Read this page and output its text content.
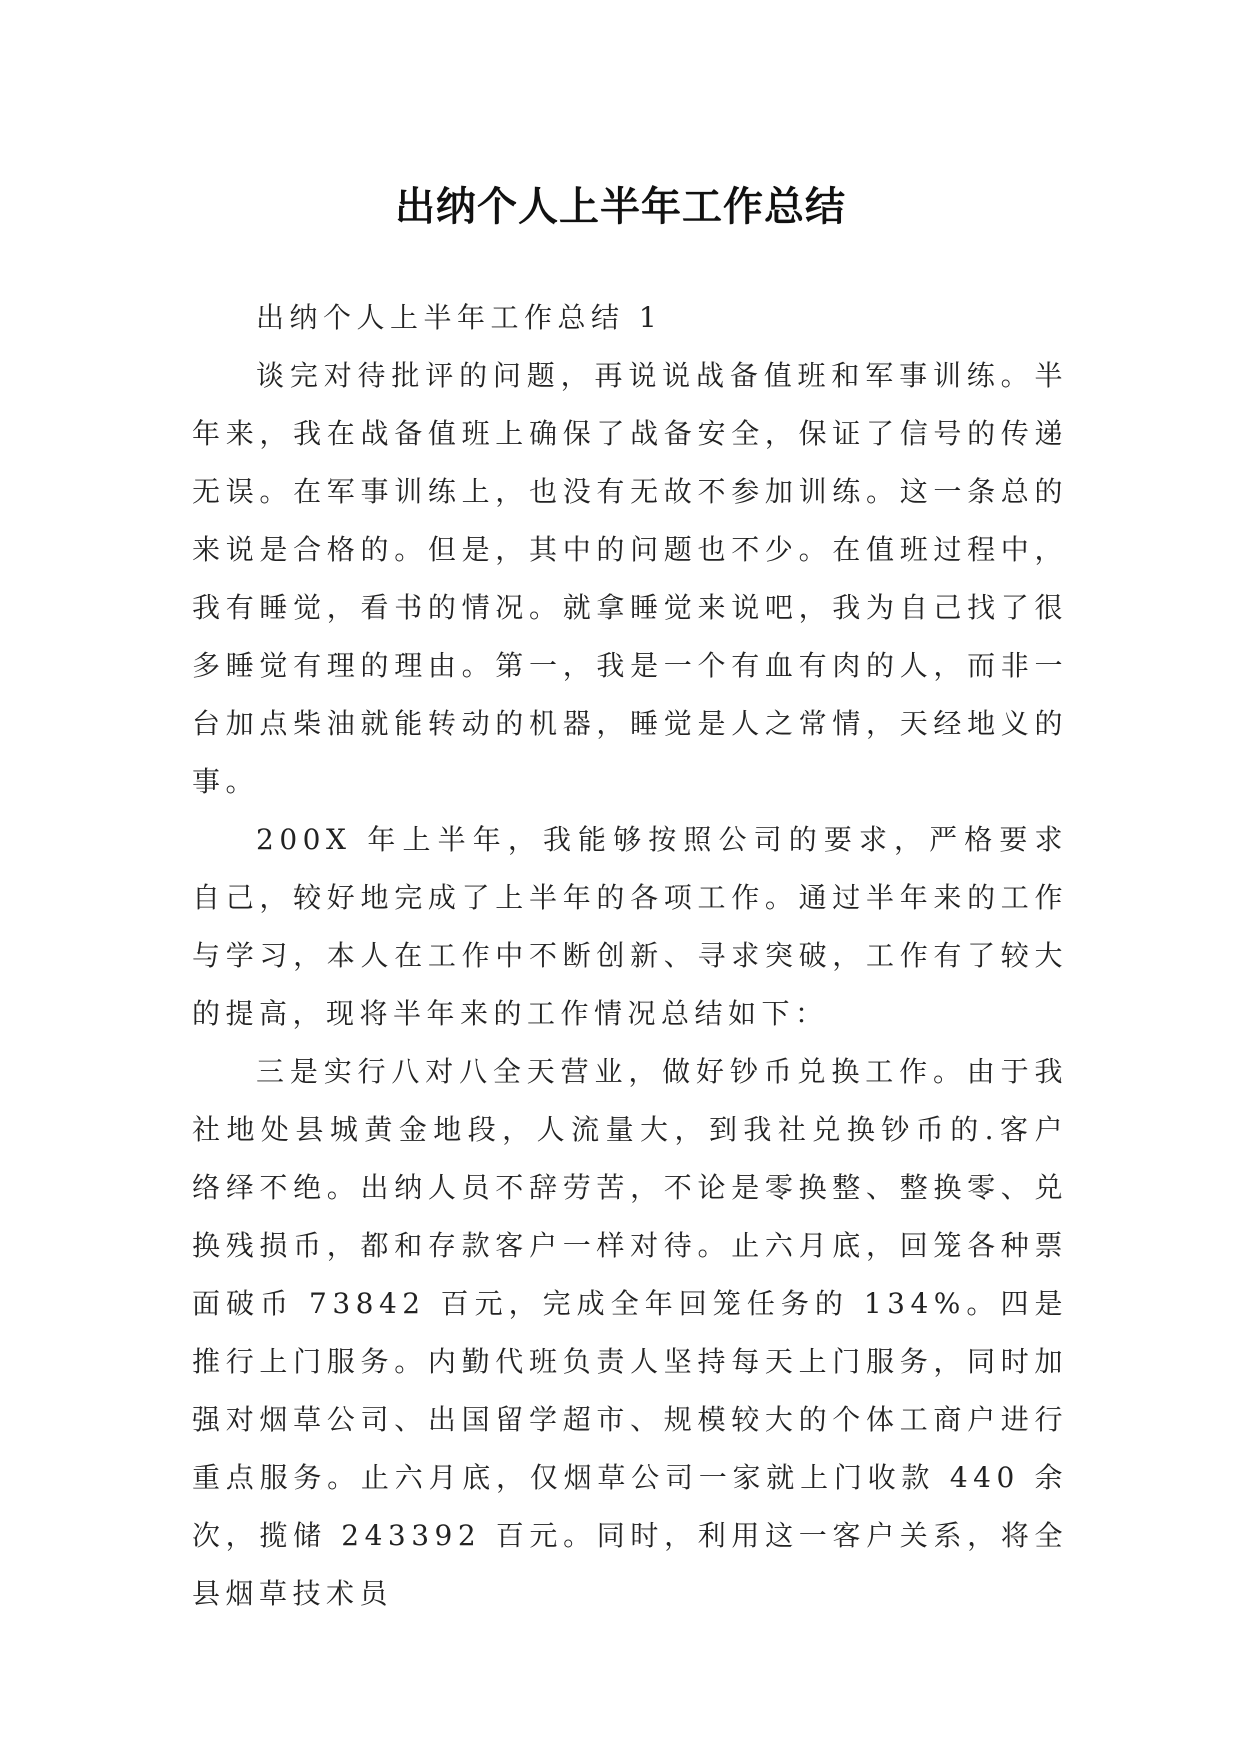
出纳个人上半年工作总结

出纳个人上半年工作总结 1

谈完对待批评的问题，再说说战备值班和军事训练。半年来，我在战备值班上确保了战备安全，保证了信号的传递无误。在军事训练上，也没有无故不参加训练。这一条总的来说是合格的。但是，其中的问题也不少。在值班过程中，我有睡觉，看书的情况。就拿睡觉来说吧，我为自己找了很多睡觉有理的理由。第一，我是一个有血有肉的人，而非一台加点柴油就能转动的机器，睡觉是人之常情，天经地义的事。

200X 年上半年，我能够按照公司的要求，严格要求自己，较好地完成了上半年的各项工作。通过半年来的工作与学习，本人在工作中不断创新、寻求突破，工作有了较大的提高，现将半年来的工作情况总结如下：

三是实行八对八全天营业，做好钞币兑换工作。由于我社地处县城黄金地段，人流量大，到我社兑换钞币的.客户络绎不绝。出纳人员不辞劳苦，不论是零换整、整换零、兑换残损币，都和存款客户一样对待。止六月底，回笼各种票面破币 73842 百元，完成全年回笼任务的 134%。四是推行上门服务。内勤代班负责人坚持每天上门服务，同时加强对烟草公司、出国留学超市、规模较大的个体工商户进行重点服务。止六月底，仅烟草公司一家就上门收款 440 余次，揽储 243392 百元。同时，利用这一客户关系，将全县烟草技术员
